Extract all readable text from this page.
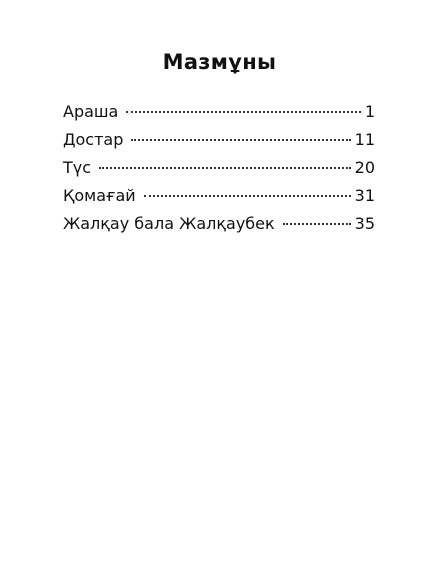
Мазмұны
Араша	1
Достар	11
Түс	20
Қомағай	31
Жалқау бала Жалқаубек	35
